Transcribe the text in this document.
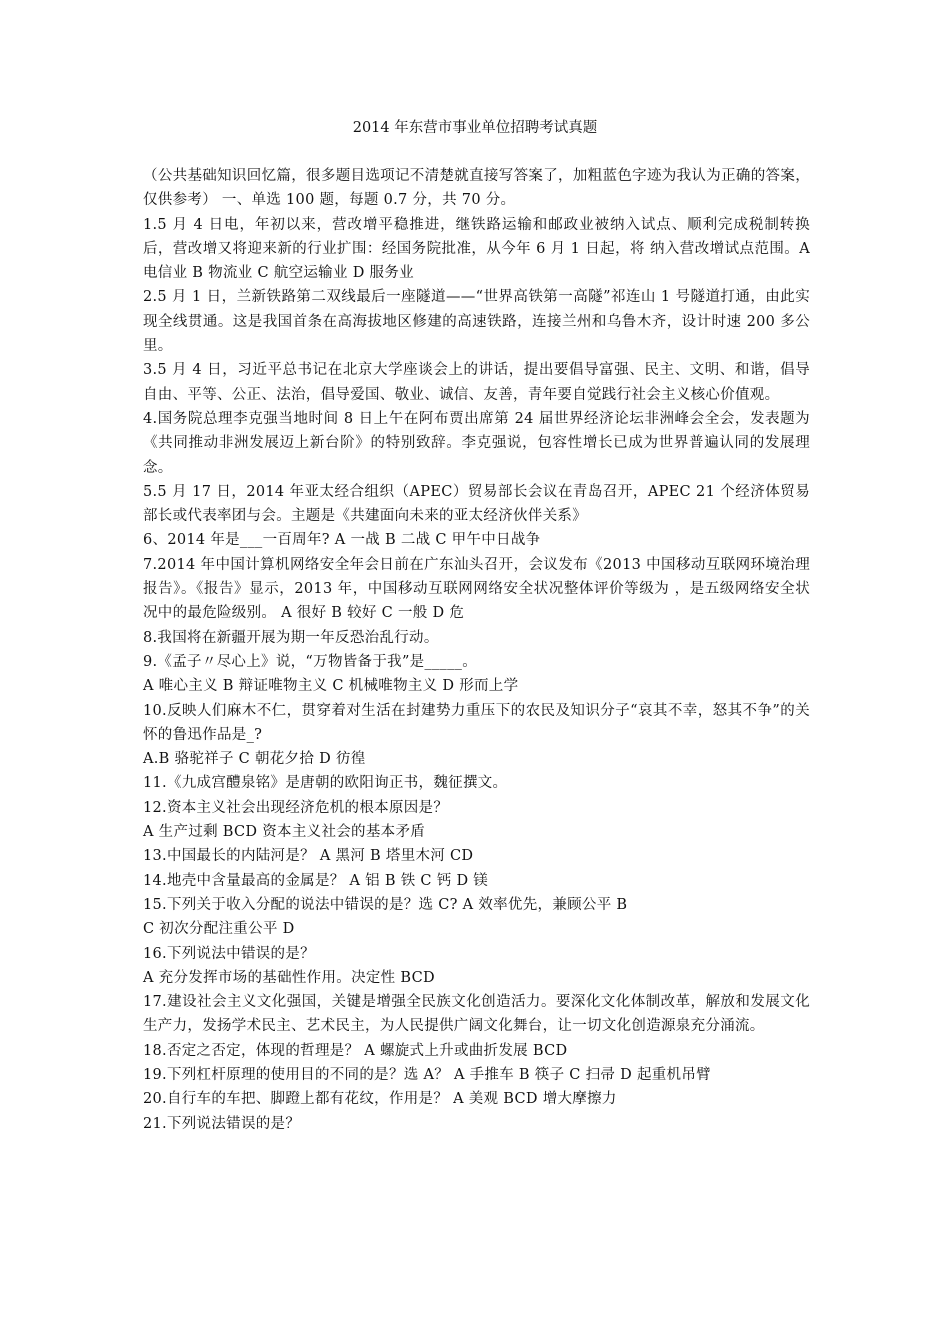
2014 年东营市事业单位招聘考试真题

（公共基础知识回忆篇，很多题目选项记不清楚就直接写答案了，加粗蓝色字迹为我认为正确的答案，仅供参考） 一、单选 100 题，每题 0.7 分，共 70 分。

1.5 月 4 日电，年初以来，营改增平稳推进，继铁路运输和邮政业被纳入试点、顺利完成税制转换后，营改增又将迎来新的行业扩围：经国务院批准，从今年 6 月 1 日起，将 纳入营改增试点范围。A 电信业 B 物流业 C 航空运输业 D 服务业

2.5 月 1 日，兰新铁路第二双线最后一座隧道——“世界高铁第一高隧”祁连山 1 号隧道打通，由此实现全线贯通。这是我国首条在高海拔地区修建的高速铁路，连接兰州和乌鲁木齐，设计时速 200 多公里。

3.5 月 4 日，习近平总书记在北京大学座谈会上的讲话，提出要倡导富强、民主、文明、和谐，倡导自由、平等、公正、法治，倡导爱国、敬业、诚信、友善，青年要自觉践行社会主义核心价值观。

4.国务院总理李克强当地时间 8 日上午在阿布贾出席第 24 届世界经济论坛非洲峰会全会，发表题为《共同推动非洲发展迈上新台阶》的特别致辞。李克强说，包容性增长已成为世界普遍认同的发展理念。

5.5 月 17 日，2014 年亚太经合组织（APEC）贸易部长会议在青岛召开，APEC 21 个经济体贸易部长或代表率团与会。主题是《共建面向未来的亚太经济伙伴关系》

6、2014 年是___一百周年? A 一战 B 二战 C 甲午中日战争

7.2014 年中国计算机网络安全年会日前在广东汕头召开，会议发布《2013 中国移动互联网环境治理报告》。《报告》显示，2013 年，中国移动互联网网络安全状况整体评价等级为 ，是五级网络安全状况中的最危险级别。 A 很好 B 较好 C 一般 D 危

8.我国将在新疆开展为期一年反恐治乱行动。

9.《孟子〃尽心上》说，“万物皆备于我”是_____。

A 唯心主义 B 辩证唯物主义 C 机械唯物主义 D 形而上学

10.反映人们麻木不仁，贯穿着对生活在封建势力重压下的农民及知识分子“哀其不幸，怒其不争”的关怀的鲁迅作品是_?

A.B 骆驼祥子 C 朝花夕拾 D 彷徨

11.《九成宫醴泉铭》是唐朝的欧阳询正书，魏征撰文。

12.资本主义社会出现经济危机的根本原因是？

A 生产过剩 BCD 资本主义社会的基本矛盾

13.中国最长的内陆河是？ A 黑河 B 塔里木河 CD

14.地壳中含量最高的金属是？ A 铝 B 铁 C 钙 D 镁

15.下列关于收入分配的说法中错误的是？选 C? A 效率优先，兼顾公平 B

C 初次分配注重公平 D

16.下列说法中错误的是？

A 充分发挥市场的基础性作用。决定性 BCD

17.建设社会主义文化强国，关键是增强全民族文化创造活力。要深化文化体制改革，解放和发展文化生产力，发扬学术民主、艺术民主，为人民提供广阔文化舞台，让一切文化创造源泉充分涌流。

18.否定之否定，体现的哲理是？ A 螺旋式上升或曲折发展 BCD

19.下列杠杆原理的使用目的不同的是？选 A？ A 手推车 B 筷子 C 扫帚 D 起重机吊臂

20.自行车的车把、脚蹬上都有花纹，作用是？ A 美观 BCD 增大摩擦力

21.下列说法错误的是？
